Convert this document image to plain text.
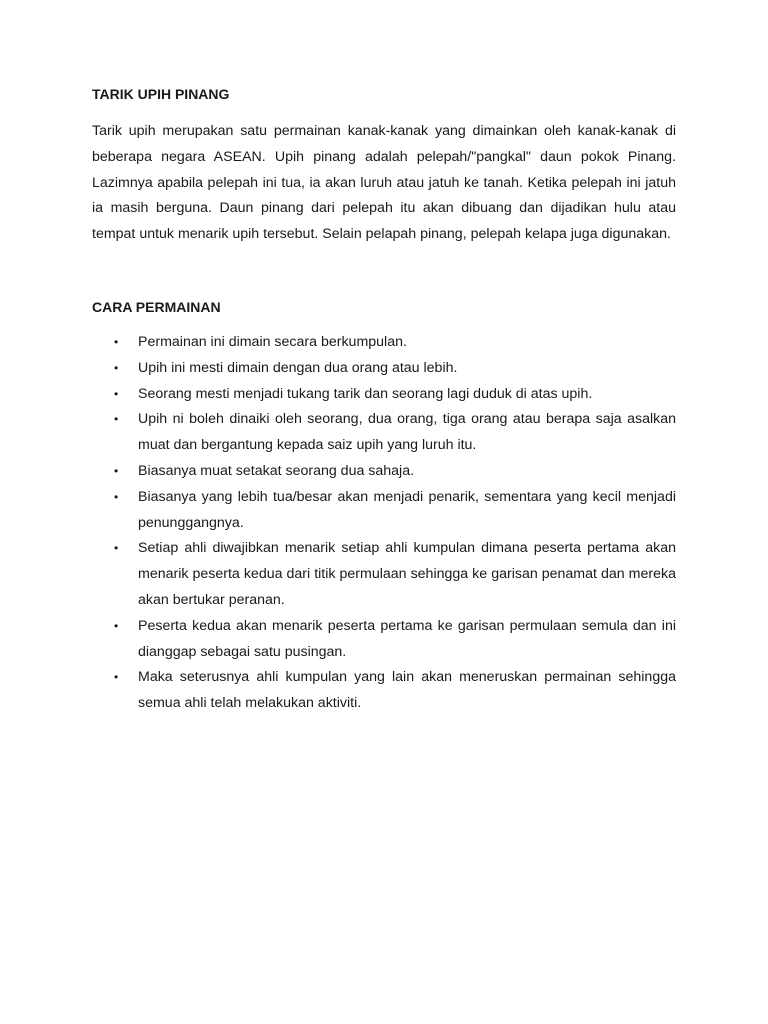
TARIK UPIH PINANG

Tarik upih merupakan satu permainan kanak-kanak yang dimainkan oleh kanak-kanak di beberapa negara ASEAN. Upih pinang adalah pelepah/"pangkal" daun pokok Pinang. Lazimnya apabila pelepah ini tua, ia akan luruh atau jatuh ke tanah. Ketika pelepah ini jatuh ia masih berguna. Daun pinang dari pelepah itu akan dibuang dan dijadikan hulu atau tempat untuk menarik upih tersebut. Selain pelapah pinang, pelepah kelapa juga digunakan.

CARA PERMAINAN
• Permainan ini dimain secara berkumpulan.
• Upih ini mesti dimain dengan dua orang atau lebih.
• Seorang mesti menjadi tukang tarik dan seorang lagi duduk di atas upih.
• Upih ni boleh dinaiki oleh seorang, dua orang, tiga orang atau berapa saja asalkan muat dan bergantung kepada saiz upih yang luruh itu.
• Biasanya muat setakat seorang dua sahaja.
• Biasanya yang lebih tua/besar akan menjadi penarik, sementara yang kecil menjadi penunggangnya.
• Setiap ahli diwajibkan menarik setiap ahli kumpulan dimana peserta pertama akan menarik peserta kedua dari titik permulaan sehingga ke garisan penamat dan mereka akan bertukar peranan.
• Peserta kedua akan menarik peserta pertama ke garisan permulaan semula dan ini dianggap sebagai satu pusingan.
• Maka seterusnya ahli kumpulan yang lain akan meneruskan permainan sehingga semua ahli telah melakukan aktiviti.
